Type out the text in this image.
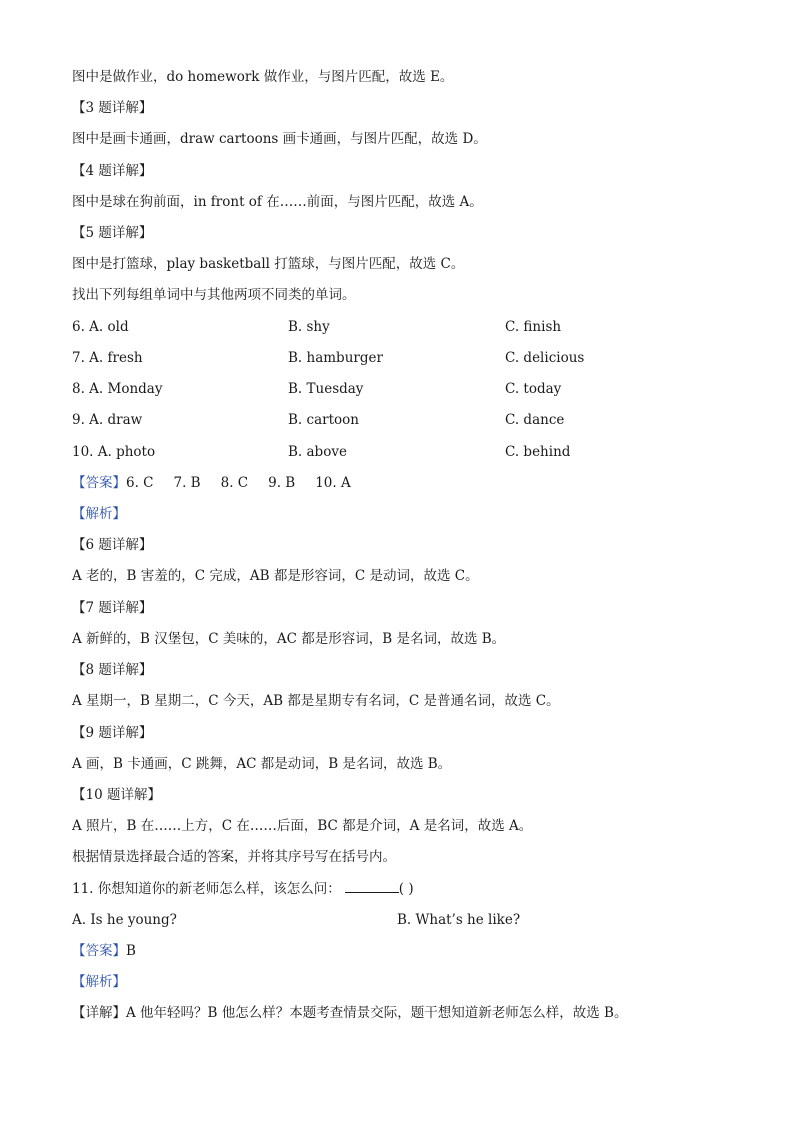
图中是做作业，do homework 做作业，与图片匹配，故选 E。
【3 题详解】
图中是画卡通画，draw cartoons 画卡通画，与图片匹配，故选 D。
【4 题详解】
图中是球在狗前面，in front of 在……前面，与图片匹配，故选 A。
【5 题详解】
图中是打篮球，play basketball 打篮球，与图片匹配，故选 C。
找出下列每组单词中与其他两项不同类的单词。
6. A. old	B. shy	C. finish
7. A. fresh	B. hamburger	C. delicious
8. A. Monday	B. Tuesday	C. today
9. A. draw	B. cartoon	C. dance
10. A. photo	B. above	C. behind
【答案】6. C 7. B 8. C 9. B 10. A
【解析】
【6 题详解】
A 老的，B 害羞的，C 完成，AB 都是形容词，C 是动词，故选 C。
【7 题详解】
A 新鲜的，B 汉堡包，C 美味的，AC 都是形容词，B 是名词，故选 B。
【8 题详解】
A 星期一，B 星期二，C 今天，AB 都是星期专有名词，C 是普通名词，故选 C。
【9 题详解】
A 画，B 卡通画，C 跳舞，AC 都是动词，B 是名词，故选 B。
【10 题详解】
A 照片，B 在……上方，C 在……后面，BC 都是介词，A 是名词，故选 A。
根据情景选择最合适的答案，并将其序号写在括号内。
11. 你想知道你的新老师怎么样，该怎么问：	( )
A. Is he young?	B. What’s he like?
【答案】B
【解析】
【详解】A 他年轻吗？B 他怎么样？本题考查情景交际，题干想知道新老师怎么样，故选 B。
